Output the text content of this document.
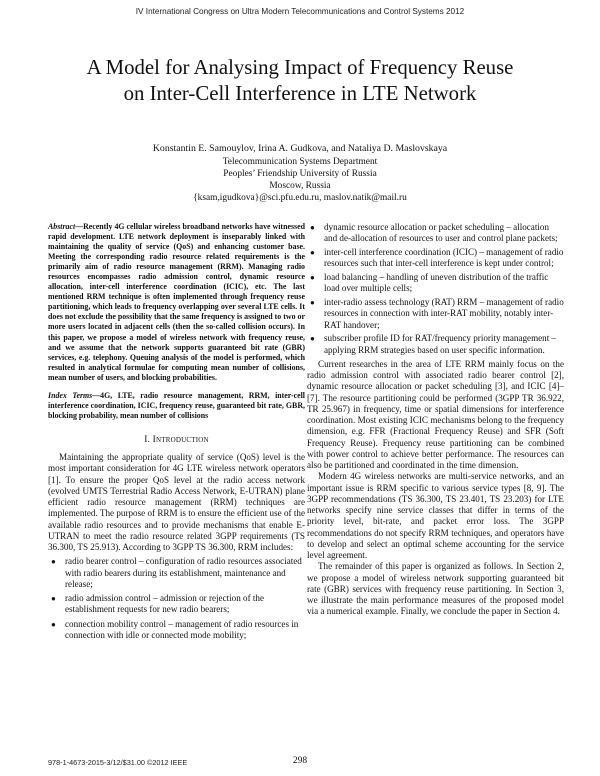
IV International Congress on Ultra Modern Telecommunications and Control Systems 2012
A Model for Analysing Impact of Frequency Reuse
on Inter-Cell Interference in LTE Network
Konstantin E. Samouylov, Irina A. Gudkova, and Nataliya D. Maslovskaya
Telecommunication Systems Department
Peoples’ Friendship University of Russia
Moscow, Russia
{ksam,igudkova}@sci.pfu.edu.ru, maslov.natik@mail.ru

Abstract—Recently 4G cellular wireless broadband networks have witnessed rapid development. LTE network deployment is inseparably linked with maintaining the quality of service (QoS) and enhancing customer base. Meeting the corresponding radio resource related requirements is the primarily aim of radio resource management (RRM). Managing radio resources encompasses radio admission control, dynamic resource allocation, inter-cell interference coordination (ICIC), etc. The last mentioned RRM technique is often implemented through frequency reuse partitioning, which leads to frequency overlapping over several LTE cells. It does not exclude the possibility that the same frequency is assigned to two or more users located in adjacent cells (then the so-called collision occurs). In this paper, we propose a model of wireless network with frequency reuse, and we assume that the network supports guaranteed bit rate (GBR) services, e.g. telephony. Queuing analysis of the model is performed, which resulted in analytical formulae for computing mean number of collisions, mean number of users, and blocking probabilities.

Index Terms—4G, LTE, radio resource management, RRM, inter-cell interference coordination, ICIC, frequency reuse, guaranteed bit rate, GBR, blocking probability, mean number of collisions

I. Introduction

Maintaining the appropriate quality of service (QoS) level is the most important consideration for 4G LTE wireless network operators [1]. To ensure the proper QoS level at the radio access network (evolved UMTS Terrestrial Radio Access Network, E-UTRAN) plane efficient radio resource management (RRM) techniques are implemented. The purpose of RRM is to ensure the efficient use of the available radio resources and to provide mechanisms that enable E-UTRAN to meet the radio resource related 3GPP requirements (TS 36.300, TS 25.913). According to 3GPP TS 36.300, RRM includes:

● radio bearer control – configuration of radio resources associated with radio bearers during its establishment, maintenance and release;
● radio admission control – admission or rejection of the establishment requests for new radio bearers;
● connection mobility control – management of radio resources in connection with idle or connected mode mobility;
● dynamic resource allocation or packet scheduling – allocation and de-allocation of resources to user and control plane packets;
● inter-cell interference coordination (ICIC) – management of radio resources such that inter-cell interference is kept under control;
● load balancing – handling of uneven distribution of the traffic load over multiple cells;
● inter-radio assess technology (RAT) RRM – management of radio resources in connection with inter-RAT mobility, notably inter-RAT handover;
● subscriber profile ID for RAT/frequency priority management – applying RRM strategies based on user specific information.

Current researches in the area of LTE RRM mainly focus on the radio admission control with associated radio bearer control [2], dynamic resource allocation or packet scheduling [3], and ICIC [4]–[7]. The resource partitioning could be performed (3GPP TR 36.922, TR 25.967) in frequency, time or spatial dimensions for interference coordination. Most existing ICIC mechanisms belong to the frequency dimension, e.g. FFR (Fractional Frequency Reuse) and SFR (Soft Frequency Reuse). Frequency reuse partitioning can be combined with power control to achieve better performance. The resources can also be partitioned and coordinated in the time dimension.

Modern 4G wireless networks are multi-service networks, and an important issue is RRM specific to various service types [8, 9]. The 3GPP recommendations (TS 36.300, TS 23.401, TS 23.203) for LTE networks specify nine service classes that differ in terms of the priority level, bit-rate, and packet error loss. The 3GPP recommendations do not specify RRM techniques, and operators have to develop and select an optimal scheme accounting for the service level agreement.

The remainder of this paper is organized as follows. In Section 2, we propose a model of wireless network supporting guaranteed bit rate (GBR) services with frequency reuse partitioning. In Section 3, we illustrate the main performance measures of the proposed model via a numerical example. Finally, we conclude the paper in Section 4.

978-1-4673-2015-3/12/$31.00 ©2012 IEEE	298
